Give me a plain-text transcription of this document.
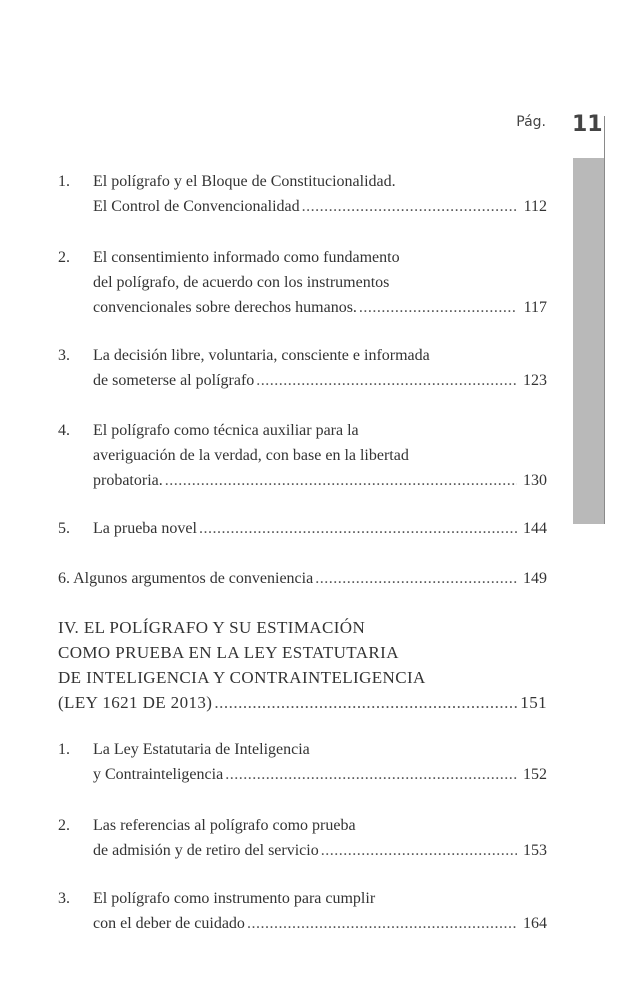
Pág. 11
1. El polígrafo y el Bloque de Constitucionalidad.
El Control de Convencionalidad .....	112
2. El consentimiento informado como fundamento
del polígrafo, de acuerdo con los instrumentos
convencionales sobre derechos humanos. .....	117
3. La decisión libre, voluntaria, consciente e informada
de someterse al polígrafo .....	123
4. El polígrafo como técnica auxiliar para la
averiguación de la verdad, con base en la libertad
probatoria. .....	130
5. La prueba novel .....	144
6. Algunos argumentos de conveniencia .....	149
IV. EL POLÍGRAFO Y SU ESTIMACIÓN
COMO PRUEBA EN LA LEY ESTATUTARIA
DE INTELIGENCIA Y CONTRAINTELIGENCIA
(LEY 1621 DE 2013) .....	151
1. La Ley Estatutaria de Inteligencia
y Contrainteligencia .....	152
2. Las referencias al polígrafo como prueba
de admisión y de retiro del servicio .....	153
3. El polígrafo como instrumento para cumplir
con el deber de cuidado .....	164
